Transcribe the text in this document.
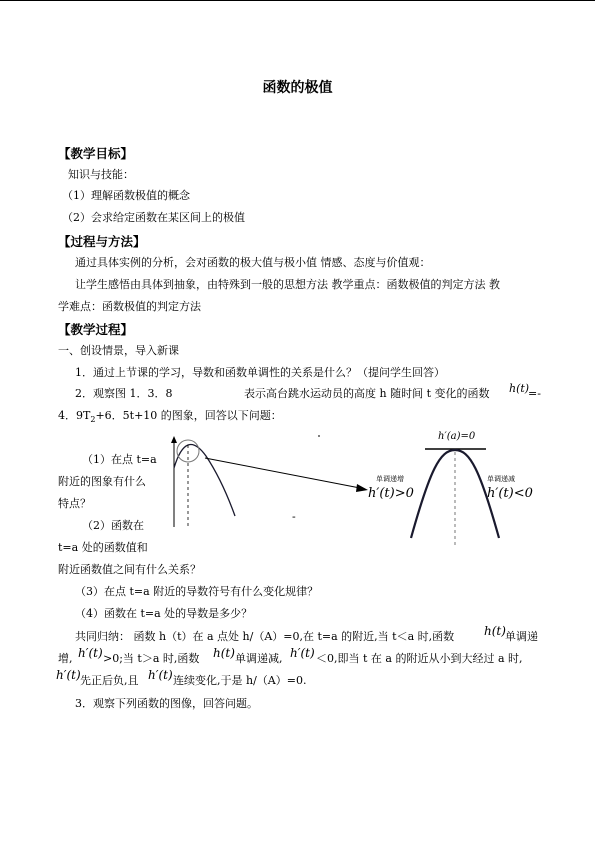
函数的极值
【教学目标】
知识与技能：
（1）理解函数极值的概念
（2）会求给定函数在某区间上的极值
【过程与方法】
通过具体实例的分析，会对函数的极大值与极小值 情感、态度与价值观：
让学生感悟由具体到抽象，由特殊到一般的思想方法 教学重点：函数极值的判定方法 教
学难点：函数极值的判定方法
【教学过程】
一、创设情景，导入新课
1．通过上节课的学习，导数和函数单调性的关系是什么？（提问学生回答）
2．观察图 1．3．8	表示高台跳水运动员的高度 h 随时间 t 变化的函数 h(t)
=-
4．$9T_2+6$．5t+10 的图象，回答以下问题：
（1）在点 t=a
附近的图象有什么
特点？
（2）函数在
t=a 处的函数值和
附近函数值之间有什么关系？
（3）在点 t=a 附近的导数符号有什么变化规律？
（4）函数在 t=a 处的导数是多少？
共同归纳： 函数 h（t）在 a 点处 h/（A）=0,在 t=a 的附近,当 t＜a 时,函数 h(t) 单调递
增, h′(t) >0;当 t＞a 时,函数 h(t) 单调递减, h′(t) ＜0,即当 t 在 a 的附近从小到大经过 a 时,
h′(t) 先正后负,且 h′(t) 连续变化,于是 h/（A）=0.
3．观察下列函数的图像，回答问题。
-
h′(a)=0
单调递增
h′(t)>0
单调递减
h′(t)<0
